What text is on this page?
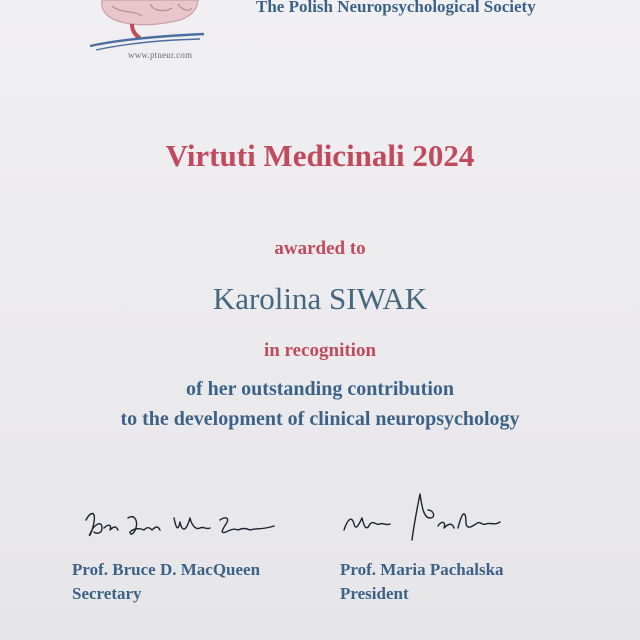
www.ptneur.com
The Polish Neuropsychological Society
Virtuti Medicinali 2024
awarded to
Karolina SIWAK
in recognition
of her outstanding contribution
to the development of clinical neuropsychology
Prof. Bruce D. MacQueen
Secretary
Prof. Maria Pachalska
President
